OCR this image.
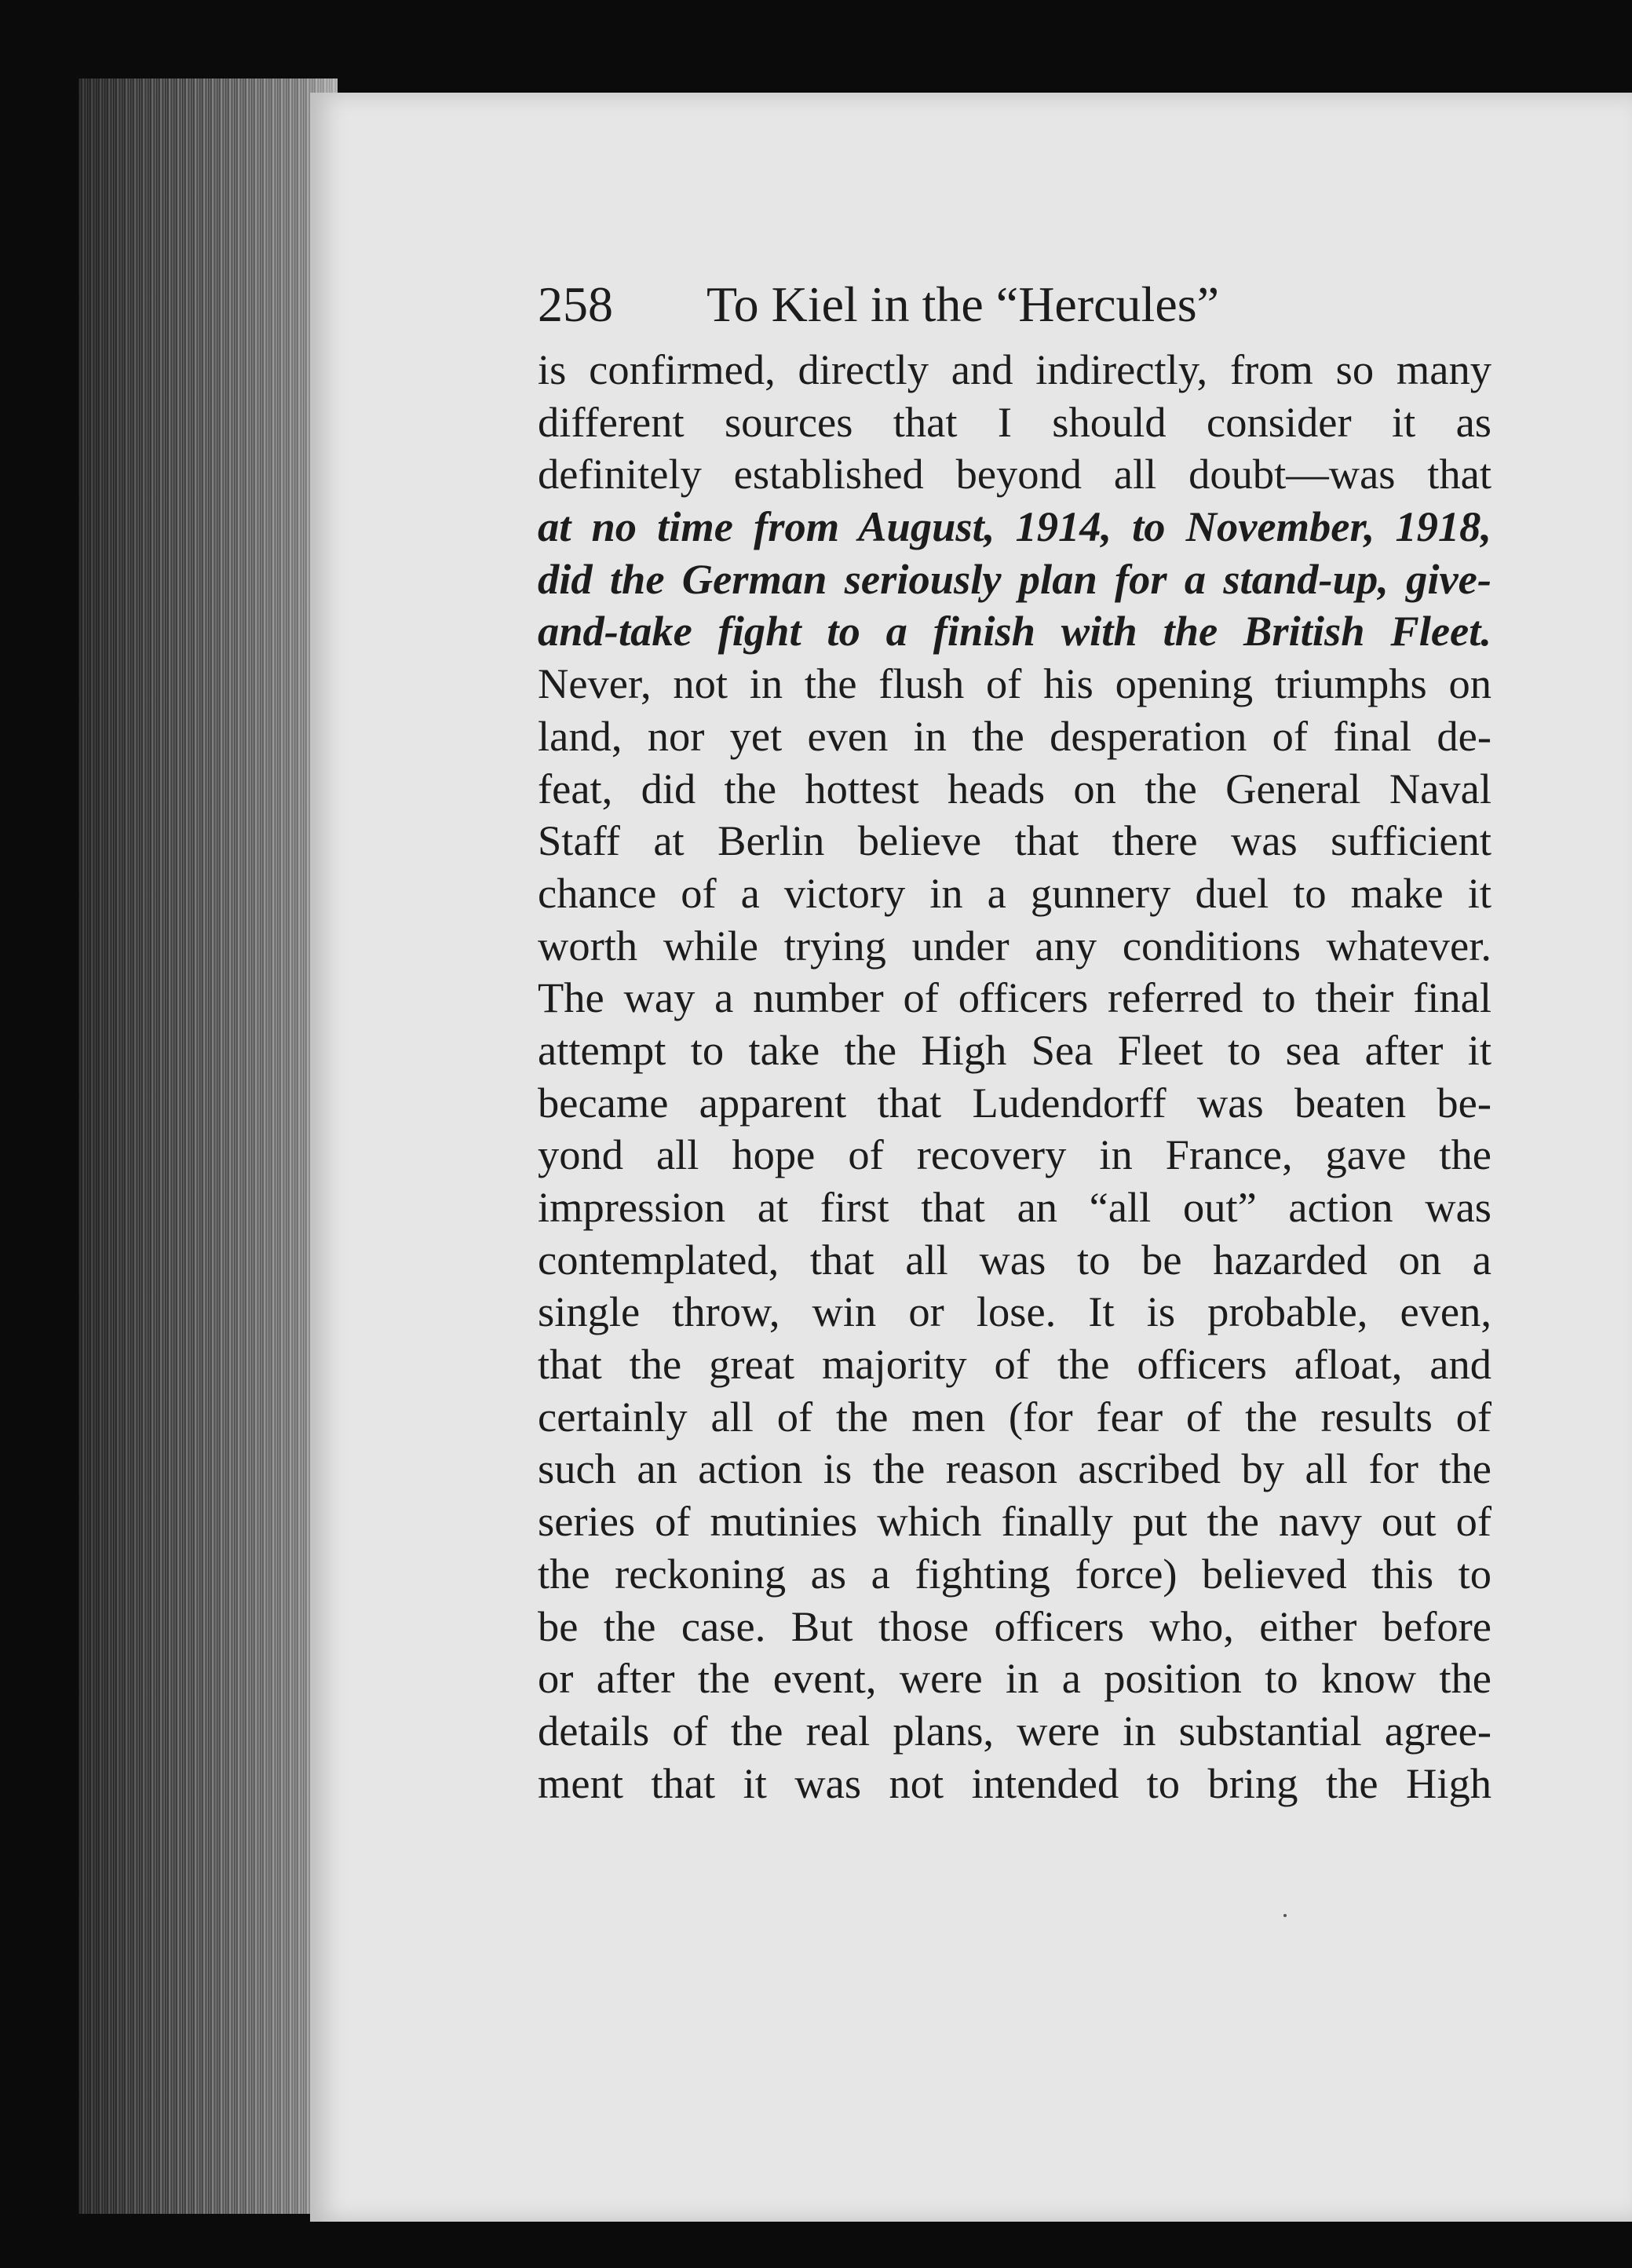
258 To Kiel in the “Hercules”
is confirmed, directly and indirectly, from so many
different sources that I should consider it as
definitely established beyond all doubt—was that
at no time from August, 1914, to November, 1918,
did the German seriously plan for a stand-up, give-
and-take fight to a finish with the British Fleet.
Never, not in the flush of his opening triumphs on
land, nor yet even in the desperation of final de-
feat, did the hottest heads on the General Naval
Staff at Berlin believe that there was sufficient
chance of a victory in a gunnery duel to make it
worth while trying under any conditions whatever.
The way a number of officers referred to their final
attempt to take the High Sea Fleet to sea after it
became apparent that Ludendorff was beaten be-
yond all hope of recovery in France, gave the
impression at first that an “all out” action was
contemplated, that all was to be hazarded on a
single throw, win or lose. It is probable, even,
that the great majority of the officers afloat, and
certainly all of the men (for fear of the results of
such an action is the reason ascribed by all for the
series of mutinies which finally put the navy out of
the reckoning as a fighting force) believed this to
be the case. But those officers who, either before
or after the event, were in a position to know the
details of the real plans, were in substantial agree-
ment that it was not intended to bring the High
